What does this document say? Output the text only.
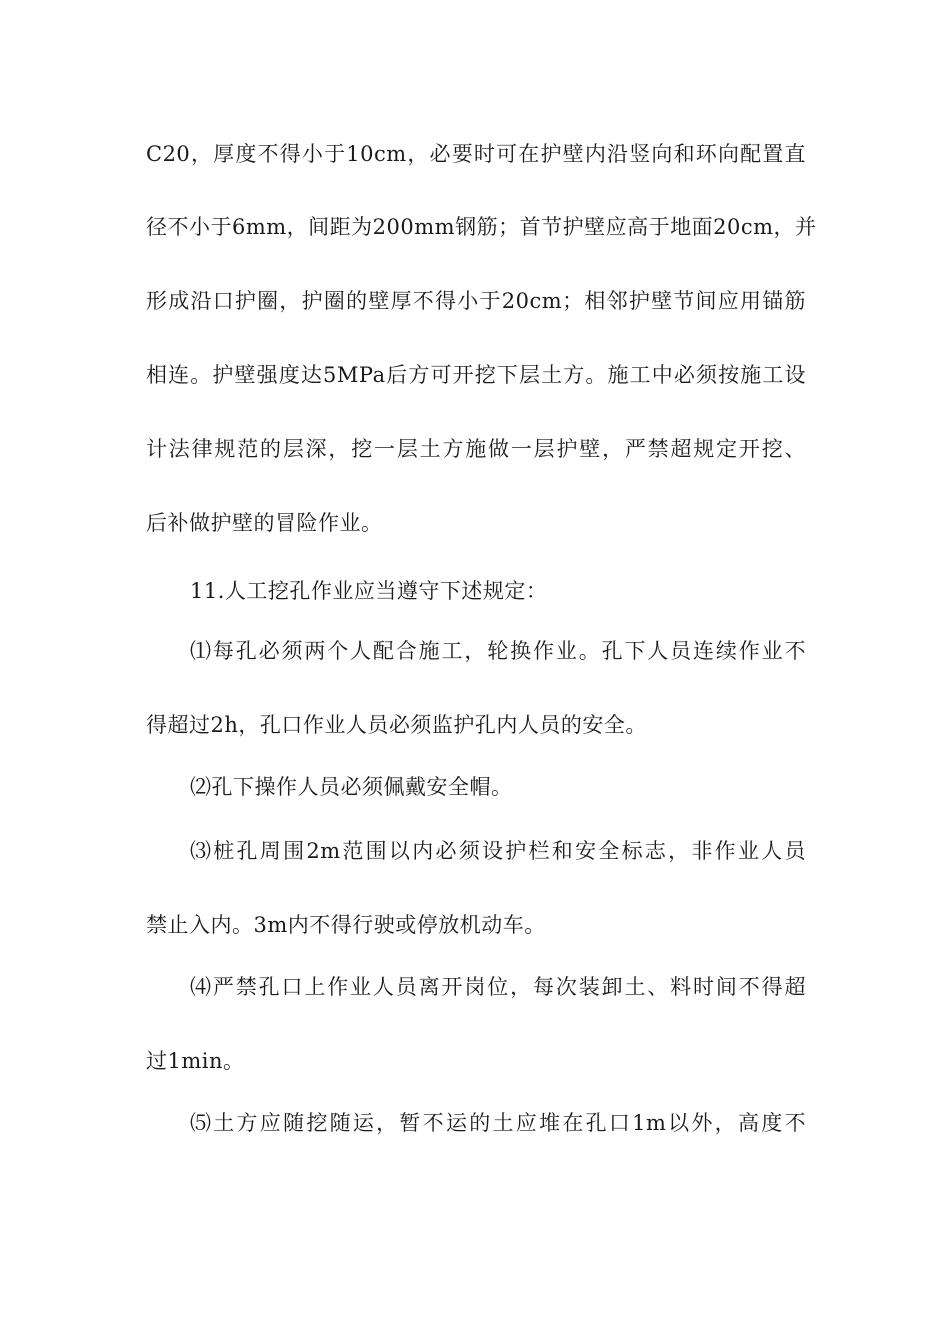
C20，厚度不得小于10cm，必要时可在护壁内沿竖向和环向配置直
径不小于6mm，间距为200mm钢筋；首节护壁应高于地面20cm，并
形成沿口护圈，护圈的壁厚不得小于20cm；相邻护壁节间应用锚筋
相连。护壁强度达5MPa后方可开挖下层土方。施工中必须按施工设
计法律规范的层深，挖一层土方施做一层护壁，严禁超规定开挖、
后补做护壁的冒险作业。
11.人工挖孔作业应当遵守下述规定：
⑴每孔必须两个人配合施工，轮换作业。孔下人员连续作业不
得超过2h，孔口作业人员必须监护孔内人员的安全。
⑵孔下操作人员必须佩戴安全帽。
⑶桩孔周围2m范围以内必须设护栏和安全标志，非作业人员
禁止入内。3m内不得行驶或停放机动车。
⑷严禁孔口上作业人员离开岗位，每次装卸土、料时间不得超
过1min。
⑸土方应随挖随运，暂不运的土应堆在孔口1m以外，高度不
